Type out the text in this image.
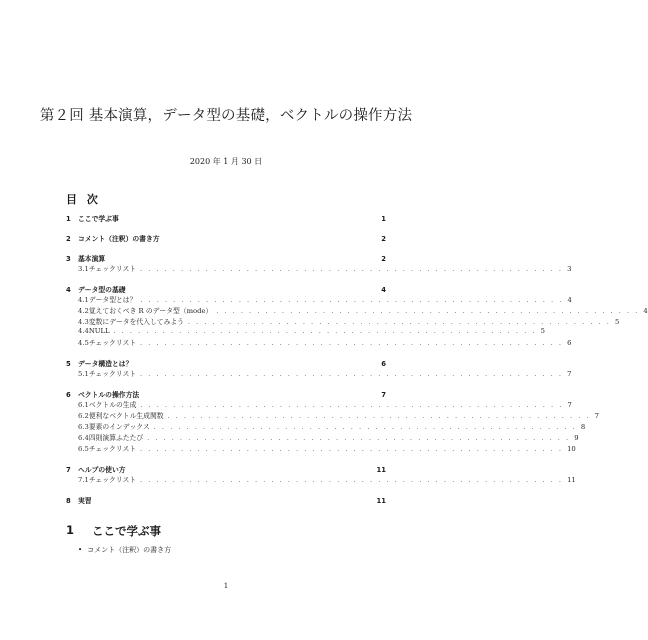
第２回 基本演算，データ型の基礎，ベクトルの操作方法
2020 年 1 月 30 日
目 次
1	ここで学ぶ事	1
2	コメント（注釈）の書き方	2
3	基本演算	2
3.1 チェックリスト . . . . . . . . . . . . . . . . . . . . . . . . . . . . . . . . . . . . . . . . . . . . . . . . . . . . 3
4	データ型の基礎	4
4.1 データ型とは？ . . . . . . . . . . . . . . . . . . . . . . . . . . . . . . . . . . . . . . . . . . . . . . . . . . . . 4
4.2 覚えておくべき R のデータ型（mode） . . . . . . . . . . . . . . . . . . . . . . . . . . . . . . . . . . . . . . . . . . . . . . . . . . . . 4
4.3 変数にデータを代入してみよう . . . . . . . . . . . . . . . . . . . . . . . . . . . . . . . . . . . . . . . . . . . . . . . . . . . . 5
4.4 NULL . . . . . . . . . . . . . . . . . . . . . . . . . . . . . . . . . . . . . . . . . . . . . . . . . . . . 5
4.5 チェックリスト . . . . . . . . . . . . . . . . . . . . . . . . . . . . . . . . . . . . . . . . . . . . . . . . . . . . 6
5	データ構造とは？	6
5.1 チェックリスト . . . . . . . . . . . . . . . . . . . . . . . . . . . . . . . . . . . . . . . . . . . . . . . . . . . . 7
6	ベクトルの操作方法	7
6.1 ベクトルの生成 . . . . . . . . . . . . . . . . . . . . . . . . . . . . . . . . . . . . . . . . . . . . . . . . . . . . 7
6.2 便利なベクトル生成関数 . . . . . . . . . . . . . . . . . . . . . . . . . . . . . . . . . . . . . . . . . . . . . . . . . . . . 7
6.3 要素のインデックス . . . . . . . . . . . . . . . . . . . . . . . . . . . . . . . . . . . . . . . . . . . . . . . . . . . . 8
6.4 四則演算ふたたび . . . . . . . . . . . . . . . . . . . . . . . . . . . . . . . . . . . . . . . . . . . . . . . . . . . . 9
6.5 チェックリスト . . . . . . . . . . . . . . . . . . . . . . . . . . . . . . . . . . . . . . . . . . . . . . . . . . . . 10
7	ヘルプの使い方	11
7.1 チェックリスト . . . . . . . . . . . . . . . . . . . . . . . . . . . . . . . . . . . . . . . . . . . . . . . . . . . . 11
8	実習	11
1 ここで学ぶ事
• コメント（注釈）の書き方
1
